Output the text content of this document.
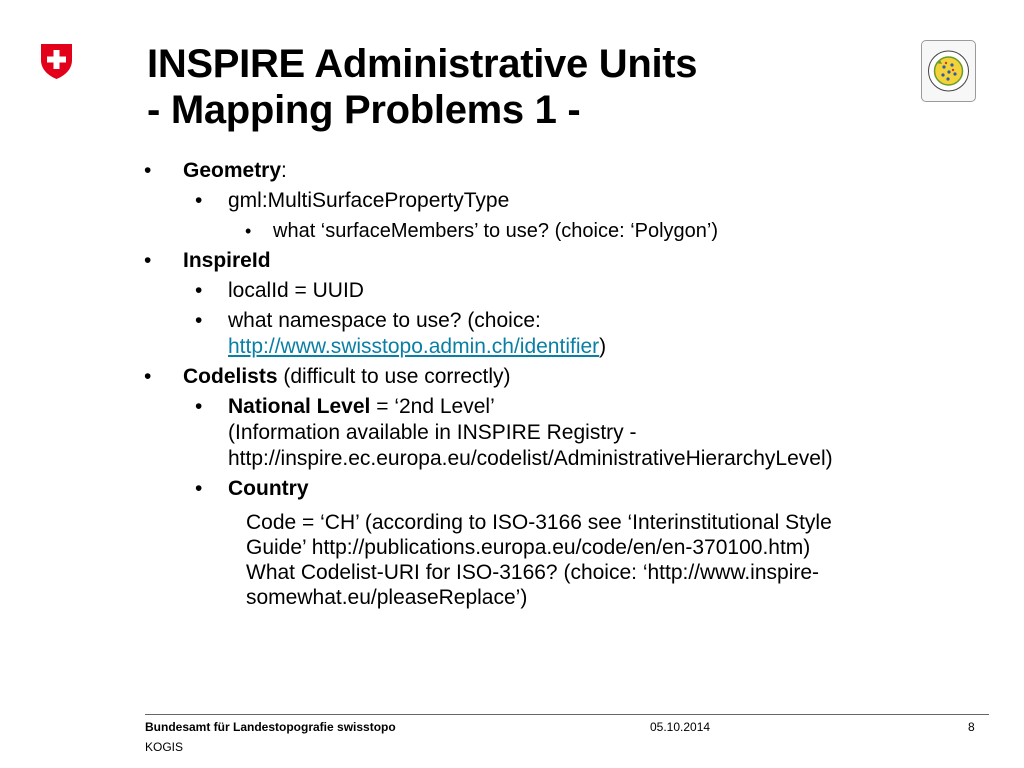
INSPIRE Administrative Units
- Mapping Problems 1 -
• Geometry:
• gml:MultiSurfacePropertyType
• what ‘surfaceMembers’ to use? (choice: ‘Polygon’)
• InspireId
• localId = UUID
• what namespace to use? (choice:
http://www.swisstopo.admin.ch/identifier)
• Codelists (difficult to use correctly)
• National Level = ‘2nd Level’
(Information available in INSPIRE Registry -
http://inspire.ec.europa.eu/codelist/AdministrativeHierarchyLevel)
• Country
Code = ‘CH’ (according to ISO-3166 see ‘Interinstitutional Style
Guide’ http://publications.europa.eu/code/en/en-370100.htm)
What Codelist-URI for ISO-3166? (choice: ‘http://www.inspire-
somewhat.eu/pleaseReplace’)
Bundesamt für Landestopografie swisstopo
KOGIS
05.10.2014	8
